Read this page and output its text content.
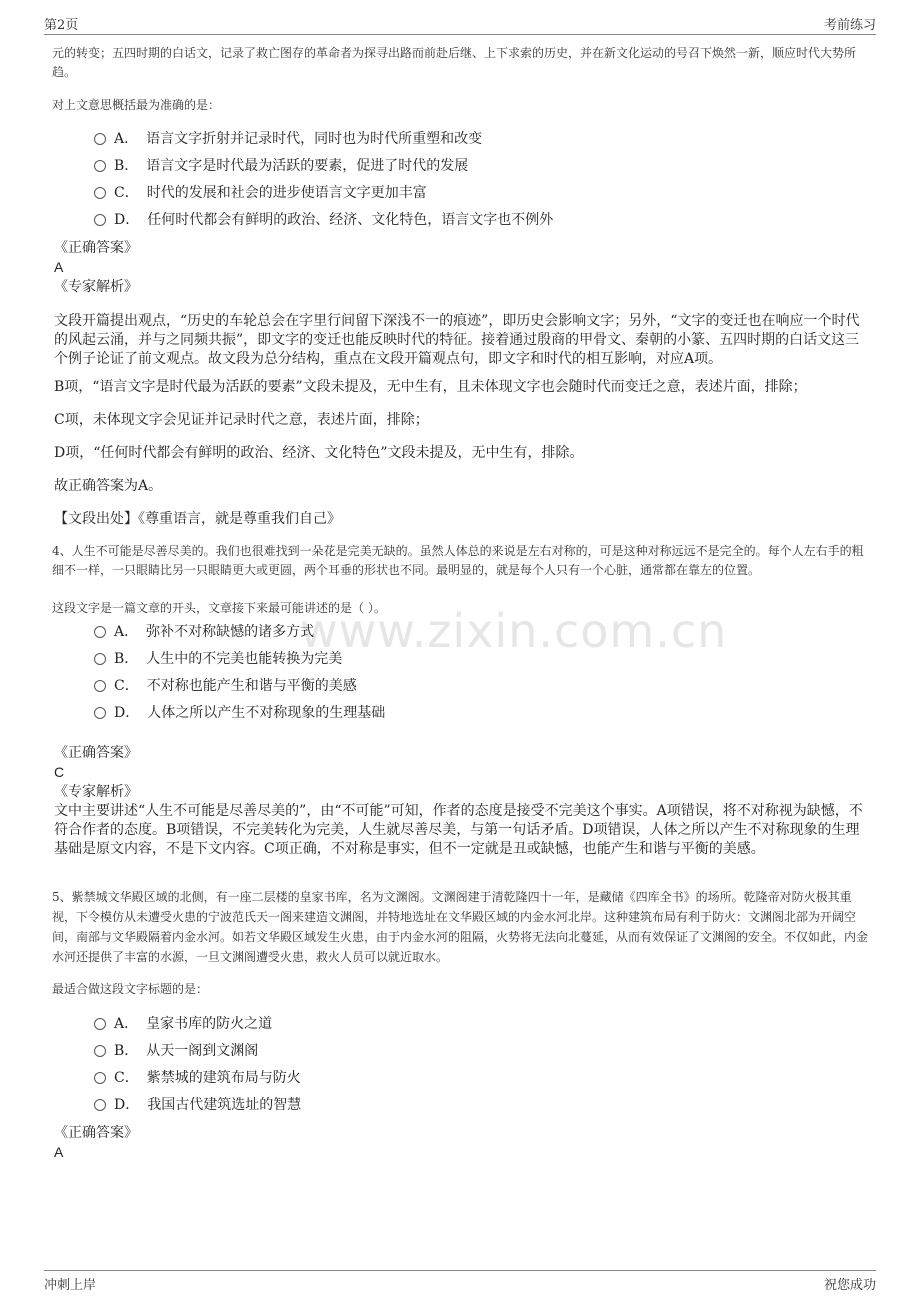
第2页	考前练习
www.zixin.com.cn
元的转变；五四时期的白话文，记录了救亡图存的革命者为探寻出路而前赴后继、上下求索的历史，并在新文化运动的号召下焕然一新，顺应时代大势所趋。
对上文意思概括最为准确的是：
A． 语言文字折射并记录时代，同时也为时代所重塑和改变
B． 语言文字是时代最为活跃的要素，促进了时代的发展
C． 时代的发展和社会的进步使语言文字更加丰富
D． 任何时代都会有鲜明的政治、经济、文化特色，语言文字也不例外
《正确答案》
A
《专家解析》
文段开篇提出观点，“历史的车轮总会在字里行间留下深浅不一的痕迹”，即历史会影响文字；另外，“文字的变迁也在响应一个时代的风起云涌，并与之同频共振”，即文字的变迁也能反映时代的特征。接着通过殷商的甲骨文、秦朝的小篆、五四时期的白话文这三个例子论证了前文观点。故文段为总分结构，重点在文段开篇观点句，即文字和时代的相互影响，对应A项。
B项，“语言文字是时代最为活跃的要素”文段未提及，无中生有，且未体现文字也会随时代而变迁之意，表述片面，排除；
C项，未体现文字会见证并记录时代之意，表述片面，排除；
D项，“任何时代都会有鲜明的政治、经济、文化特色”文段未提及，无中生有，排除。
故正确答案为A。
【文段出处】《尊重语言，就是尊重我们自己》
4、人生不可能是尽善尽美的。我们也很难找到一朵花是完美无缺的。虽然人体总的来说是左右对称的，可是这种对称远远不是完全的。每个人左右手的粗细不一样，一只眼睛比另一只眼睛更大或更圆，两个耳垂的形状也不同。最明显的，就是每个人只有一个心脏，通常都在靠左的位置。
这段文字是一篇文章的开头，文章接下来最可能讲述的是（ ）。
A． 弥补不对称缺憾的诸多方式
B． 人生中的不完美也能转换为完美
C． 不对称也能产生和谐与平衡的美感
D． 人体之所以产生不对称现象的生理基础
《正确答案》
C
《专家解析》
文中主要讲述“人生不可能是尽善尽美的”，由“不可能”可知，作者的态度是接受不完美这个事实。A项错误，将不对称视为缺憾，不符合作者的态度。B项错误，不完美转化为完美，人生就尽善尽美，与第一句话矛盾。D项错误，人体之所以产生不对称现象的生理基础是原文内容，不是下文内容。C项正确，不对称是事实，但不一定就是丑或缺憾，也能产生和谐与平衡的美感。
5、紫禁城文华殿区域的北侧，有一座二层楼的皇家书库，名为文渊阁。文渊阁建于清乾隆四十一年，是藏储《四库全书》的场所。乾隆帝对防火极其重视，下令模仿从未遭受火患的宁波范氏天一阁来建造文渊阁，并特地选址在文华殿区域的内金水河北岸。这种建筑布局有利于防火：文渊阁北部为开阔空间，南部与文华殿隔着内金水河。如若文华殿区域发生火患，由于内金水河的阻隔，火势将无法向北蔓延，从而有效保证了文渊阁的安全。不仅如此，内金水河还提供了丰富的水源，一旦文渊阁遭受火患，救火人员可以就近取水。
最适合做这段文字标题的是：
A． 皇家书库的防火之道
B． 从天一阁到文渊阁
C． 紫禁城的建筑布局与防火
D． 我国古代建筑选址的智慧
《正确答案》
A
冲刺上岸	祝您成功
